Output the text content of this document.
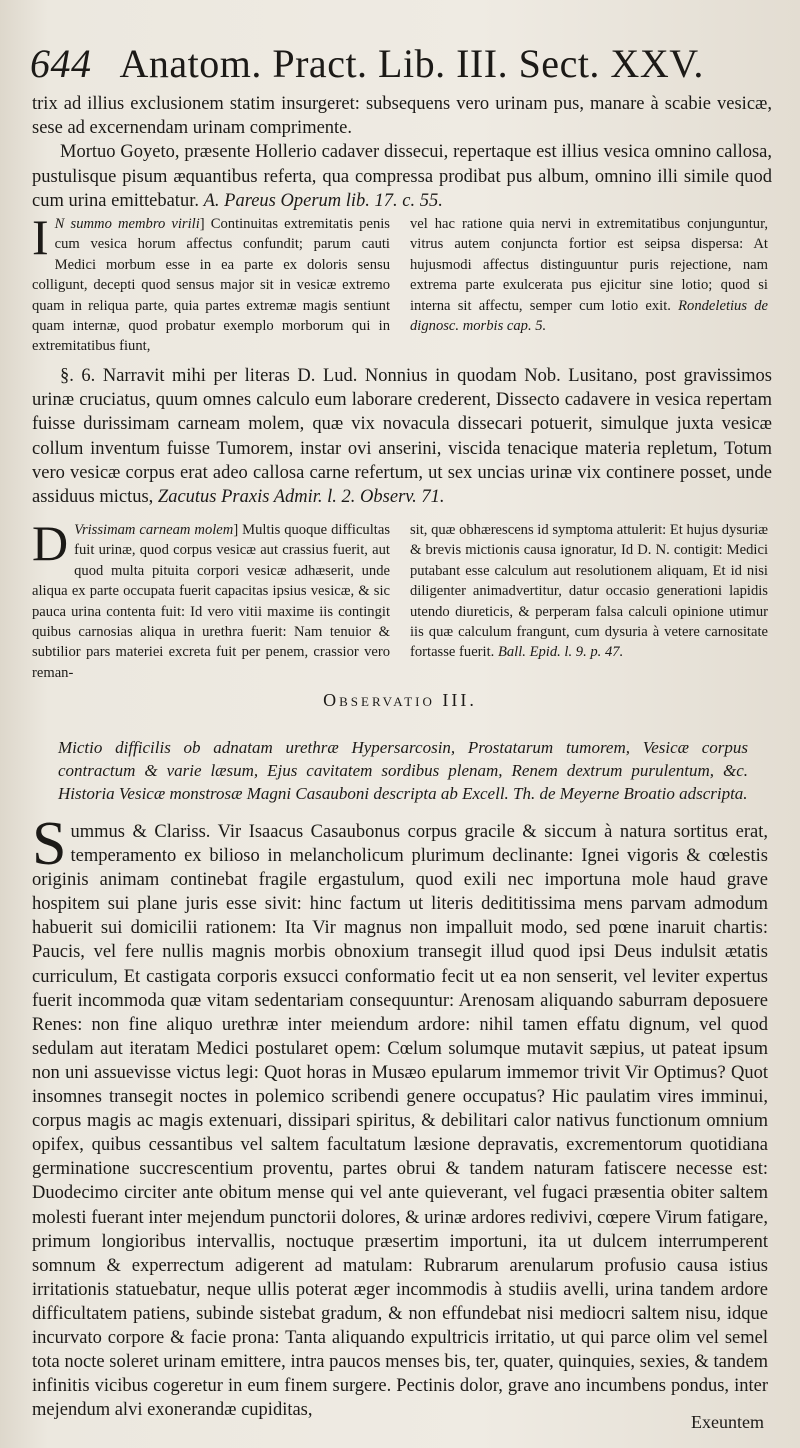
644 Anatom. Pract. Lib. III. Sect. XXV.

trix ad illius exclusionem statim insurgeret: subsequens vero urinam pus, manare à scabie vesicæ, sese ad excernendam urinam comprimente.

Mortuo Goyeto, præsente Hollerio cadaver dissecui, repertaque est illius vesica omnino callosa, pustulisque pisum æquantibus referta, qua compressa prodibat pus album, omnino illi simile quod cum urina emittebatur. A. Pareus Operum lib. 17. c. 55.

I N summo membro virili] Continuitas extremitatis penis cum vesica horum affectus confundit; parum cauti Medici morbum esse in ea parte ex doloris sensu colligunt, decepti quod sensus major sit in vesicæ extremo quam in reliqua parte, quia partes extremæ magis sentiunt quam internæ, quod probatur exemplo morborum qui in extremitatibus fiunt,
vel hac ratione quia nervi in extremitatibus conjunguntur, vitrus autem conjuncta fortior est seipsa dispersa: At hujusmodi affectus distinguuntur puris rejectione, nam extrema parte exulcerata pus ejicitur sine lotio; quod si interna sit affectu, semper cum lotio exit. Rondeletius de dignosc. morbis cap. 5.

§. 6. Narravit mihi per literas D. Lud. Nonnius in quodam Nob. Lusitano, post gravissimos urinæ cruciatus, quum omnes calculo eum laborare crederent, Dissecto cadavere in vesica repertam fuisse durissimam carneam molem, quæ vix novacula dissecari potuerit, simulque juxta vesicæ collum inventum fuisse Tumorem, instar ovi anserini, viscida tenacique materia repletum, Totum vero vesicæ corpus erat adeo callosa carne refertum, ut sex uncias urinæ vix continere posset, unde assiduus mictus, Zacutus Praxis Admir. l. 2. Observ. 71.

D Vrissimam carneam molem] Multis quoque difficultas fuit urinæ, quod corpus vesicæ aut crassius fuerit, aut quod multa pituita corpori vesicæ adhæserit, unde aliqua ex parte occupata fuerit capacitas ipsius vesicæ, & sic pauca urina contenta fuit: Id vero vitii maxime iis contingit quibus carnosias aliqua in urethra fuerit: Nam tenuior & subtilior pars materiei excreta fuit per penem, crassior vero reman-
sit, quæ obhærescens id symptoma attulerit: Et hujus dysuriæ & brevis mictionis causa ignoratur, Id D. N. contigit: Medici putabant esse calculum aut resolutionem aliquam, Et id nisi diligenter animadvertitur, datur occasio generationi lapidis utendo diureticis, & perperam falsa calculi opinione utimur iis quæ calculum frangunt, cum dysuria à vetere carnositate fortasse fuerit. Ball. Epid. l. 9. p. 47.
Observatio III.
Mictio difficilis ob adnatam urethræ Hypersarcosin, Prostatarum tumorem, Vesicæ corpus contractum & varie læsum, Ejus cavitatem sordibus plenam, Renem dextrum purulentum, &c. Historia Vesicæ monstrosæ Magni Casauboni descripta ab Excell. Th. de Meyerne Broatio adscripta.
Summus & Clariss. Vir Isaacus Casaubonus corpus gracile & siccum à natura sortitus erat, temperamento ex bilioso in melancholicum plurimum declinante: Ignei vigoris & cœlestis originis animam continebat fragile ergastulum, quod exili nec importuna mole haud grave hospitem sui plane juris esse sivit: hinc factum ut literis dedititissima mens parvam admodum habuerit sui domicilii rationem: Ita Vir magnus non impalluit modo, sed pœne inaruit chartis: Paucis, vel fere nullis magnis morbis obnoxium transegit illud quod ipsi Deus indulsit ætatis curriculum, Et castigata corporis exsucci conformatio fecit ut ea non senserit, vel leviter expertus fuerit incommoda quæ vitam sedentariam consequuntur: Arenosam aliquando saburram deposuere Renes: non fine aliquo urethræ inter meiendum ardore: nihil tamen effatu dignum, vel quod sedulam aut iteratam Medici postularet opem: Cœlum solumque mutavit sæpius, ut pateat ipsum non uni assuevisse victus legi: Quot horas in Musæo epularum immemor trivit Vir Optimus? Quot insomnes transegit noctes in polemico scribendi genere occupatus? Hic paulatim vires imminui, corpus magis ac magis extenuari, dissipari spiritus, & debilitari calor nativus functionum omnium opifex, quibus cessantibus vel saltem facultatum læsione depravatis, excrementorum quotidiana germinatione succrescentium proventu, partes obrui & tandem naturam fatiscere necesse est: Duodecimo circiter ante obitum mense qui vel ante quieverant, vel fugaci præsentia obiter saltem molesti fuerant inter mejendum punctorii dolores, & urinæ ardores redivivi, cœpere Virum fatigare, primum longioribus intervallis, noctuque præsertim importuni, ita ut dulcem interrumperent somnum & experrectum adigerent ad matulam: Rubrarum arenularum profusio causa istius irritationis statuebatur, neque ullis poterat æger incommodis à studiis avelli, urina tandem ardore difficultatem patiens, subinde sistebat gradum, & non effundebat nisi mediocri saltem nisu, idque incurvato corpore & facie prona: Tanta aliquando expultricis irritatio, ut qui parce olim vel semel tota nocte soleret urinam emittere, intra paucos menses bis, ter, quater, quinquies, sexies, & tandem infinitis vicibus cogeretur in eum finem surgere. Pectinis dolor, grave ano incumbens pondus, inter mejendum alvi exonerandæ cupiditas,
Exeuntem
